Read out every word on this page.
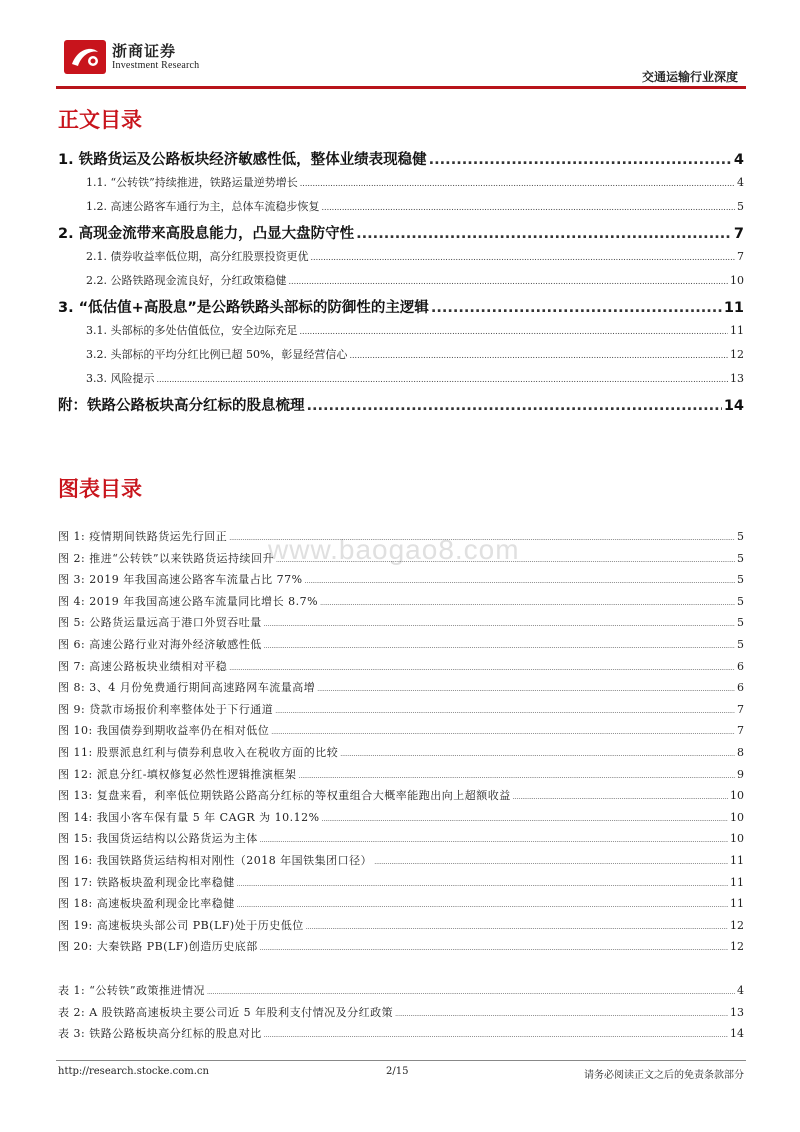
浙商证券
Investment Research
交通运输行业深度
正文目录
1. 铁路货运及公路板块经济敏感性低，整体业绩表现稳健 .....	4
1.1. “公转铁”持续推进，铁路运量逆势增长 .....	4
1.2. 高速公路客车通行为主，总体车流稳步恢复 .....	5
2. 高现金流带来高股息能力，凸显大盘防守性 .....	7
2.1. 债券收益率低位期，高分红股票投资更优 .....	7
2.2. 公路铁路现金流良好，分红政策稳健 .....	10
3. “低估值+高股息”是公路铁路头部标的防御性的主逻辑 .....	11
3.1. 头部标的多处估值低位，安全边际充足 .....	11
3.2. 头部标的平均分红比例已超 50%，彰显经营信心 .....	12
3.3. 风险提示 .....	13
附：铁路公路板块高分红标的股息梳理 .....	14
图表目录
www.baogao8.com
图 1: 疫情期间铁路货运先行回正 .....	5
图 2: 推进“公转铁”以来铁路货运持续回升 .....	5
图 3: 2019 年我国高速公路客车流量占比 77% .....	5
图 4: 2019 年我国高速公路车流量同比增长 8.7% .....	5
图 5: 公路货运量远高于港口外贸吞吐量 .....	5
图 6: 高速公路行业对海外经济敏感性低 .....	5
图 7: 高速公路板块业绩相对平稳 .....	6
图 8: 3、4 月份免费通行期间高速路网车流量高增 .....	6
图 9: 贷款市场报价利率整体处于下行通道 .....	7
图 10: 我国债券到期收益率仍在相对低位 .....	7
图 11: 股票派息红利与债券利息收入在税收方面的比较 .....	8
图 12: 派息分红-填权修复必然性逻辑推演框架 .....	9
图 13: 复盘来看，利率低位期铁路公路高分红标的等权重组合大概率能跑出向上超额收益 .....	10
图 14: 我国小客车保有量 5 年 CAGR 为 10.12% .....	10
图 15: 我国货运结构以公路货运为主体 .....	10
图 16: 我国铁路货运结构相对刚性（2018 年国铁集团口径） .....	11
图 17: 铁路板块盈利现金比率稳健 .....	11
图 18: 高速板块盈利现金比率稳健 .....	11
图 19: 高速板块头部公司 PB(LF)处于历史低位 .....	12
图 20: 大秦铁路 PB(LF)创造历史底部 .....	12
表 1: “公转铁”政策推进情况 .....	4
表 2: A 股铁路高速板块主要公司近 5 年股利支付情况及分红政策 .....	13
表 3: 铁路公路板块高分红标的股息对比 .....	14
http://research.stocke.com.cn	2/15	请务必阅读正文之后的免责条款部分
